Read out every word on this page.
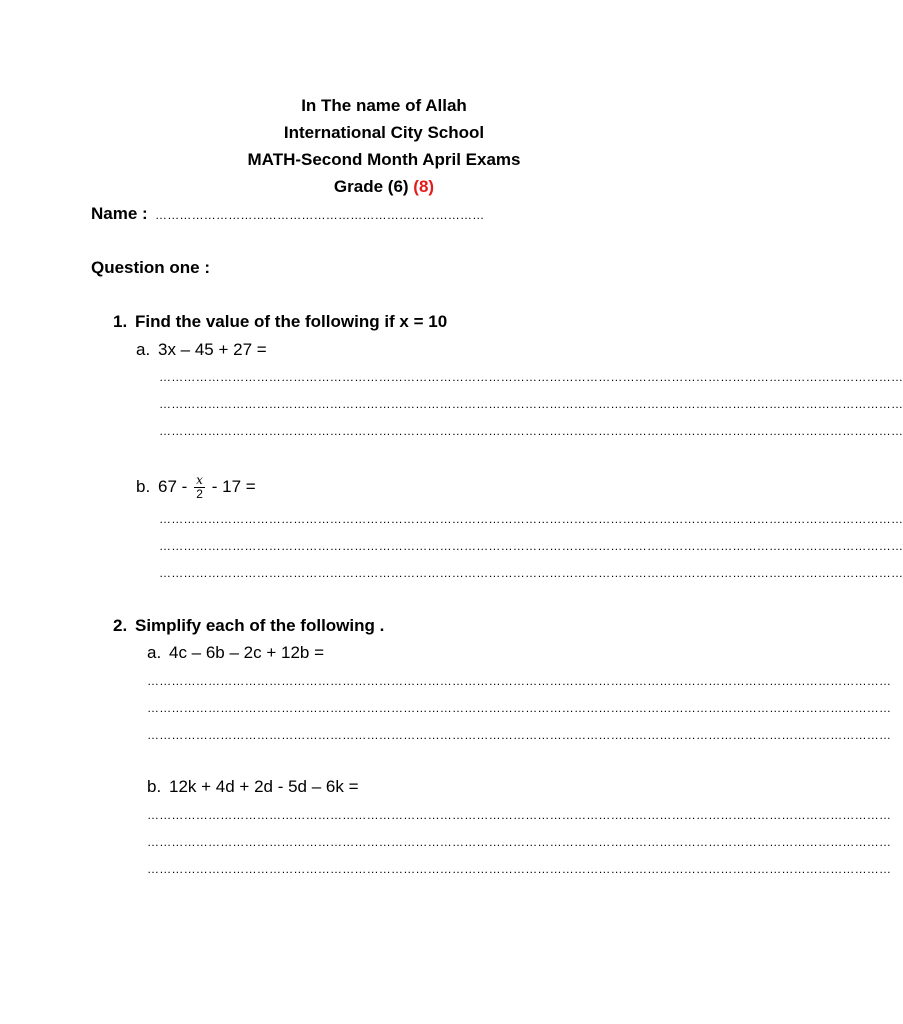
In The name of Allah
International City School
MATH-Second Month April Exams
Grade (6) (8)
Name : ………………………………………………………………………
Question one :
1. Find the value of the following if x = 10
a. 3x – 45 + 27 =
…………………………………………………………………………………………………………………………………………………………………
…………………………………………………………………………………………………………………………………………………………………
…………………………………………………………………………………………………………………………………………………………………
b. $67 - \frac{x}{2} - 17$ =
…………………………………………………………………………………………………………………………………………………………………
…………………………………………………………………………………………………………………………………………………………………
…………………………………………………………………………………………………………………………………………………………………
2. Simplify each of the following .
a. 4c – 6b – 2c + 12b =
…………………………………………………………………………………………………………………………………………………………………
…………………………………………………………………………………………………………………………………………………………………
…………………………………………………………………………………………………………………………………………………………………
b. 12k + 4d + 2d - 5d – 6k =
…………………………………………………………………………………………………………………………………………………………………
…………………………………………………………………………………………………………………………………………………………………
…………………………………………………………………………………………………………………………………………………………………
